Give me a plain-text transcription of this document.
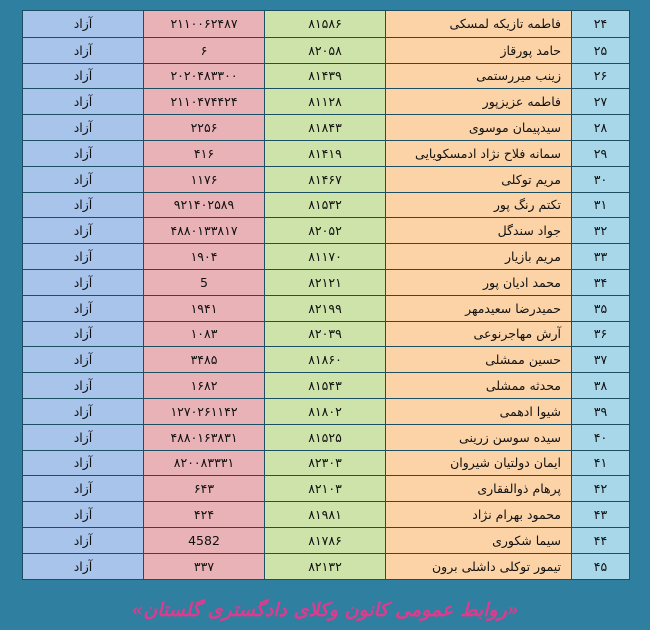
آزاد	۲۱۱۰۰۶۲۴۸۷	۸۱۵۸۶	فاطمه تازیکه لمسکی	۲۴
آزاد	۶	۸۲۰۵۸	حامد پورقاز	۲۵
آزاد	۲۰۲۰۴۸۳۳۰۰	۸۱۴۳۹	زینب میررستمی	۲۶
آزاد	۲۱۱۰۴۷۴۴۲۴	۸۱۱۲۸	فاطمه عزیزپور	۲۷
آزاد	۲۲۵۶	۸۱۸۴۳	سیدپیمان موسوی	۲۸
آزاد	۴۱۶	۸۱۴۱۹	سمانه فلاح نژاد ادمسکویایی	۲۹
آزاد	۱۱۷۶	۸۱۴۶۷	مریم توکلی	۳۰
آزاد	۹۲۱۴۰۲۵۸۹	۸۱۵۳۲	تکتم رنگ پور	۳۱
آزاد	۴۸۸۰۱۳۳۸۱۷	۸۲۰۵۲	جواد سندگل	۳۲
آزاد	۱۹۰۴	۸۱۱۷۰	مریم بازیار	۳۳
آزاد	5	۸۲۱۲۱	محمد ادیان پور	۳۴
آزاد	۱۹۴۱	۸۲۱۹۹	حمیدرضا سعیدمهر	۳۵
آزاد	۱۰۸۳	۸۲۰۳۹	آرش مهاجرنوعی	۳۶
آزاد	۳۴۸۵	۸۱۸۶۰	حسین ممشلی	۳۷
آزاد	۱۶۸۲	۸۱۵۴۳	محدثه ممشلی	۳۸
آزاد	۱۲۷۰۲۶۱۱۴۲	۸۱۸۰۲	شیوا ادهمی	۳۹
آزاد	۴۸۸۰۱۶۳۸۳۱	۸۱۵۲۵	سیده سوسن زرینی	۴۰
آزاد	۸۲۰۰۸۳۳۳۱	۸۲۳۰۳	ایمان دولتیان شیروان	۴۱
آزاد	۶۴۳	۸۲۱۰۳	پرهام ذوالفقاری	۴۲
آزاد	۴۲۴	۸۱۹۸۱	محمود بهرام نژاد	۴۳
آزاد	4582	۸۱۷۸۶	سیما شکوری	۴۴
آزاد	۳۳۷	۸۲۱۳۲	تیمور توکلی داشلی برون	۴۵
«روابط عمومی کانون وکلای دادگستری گلستان»
